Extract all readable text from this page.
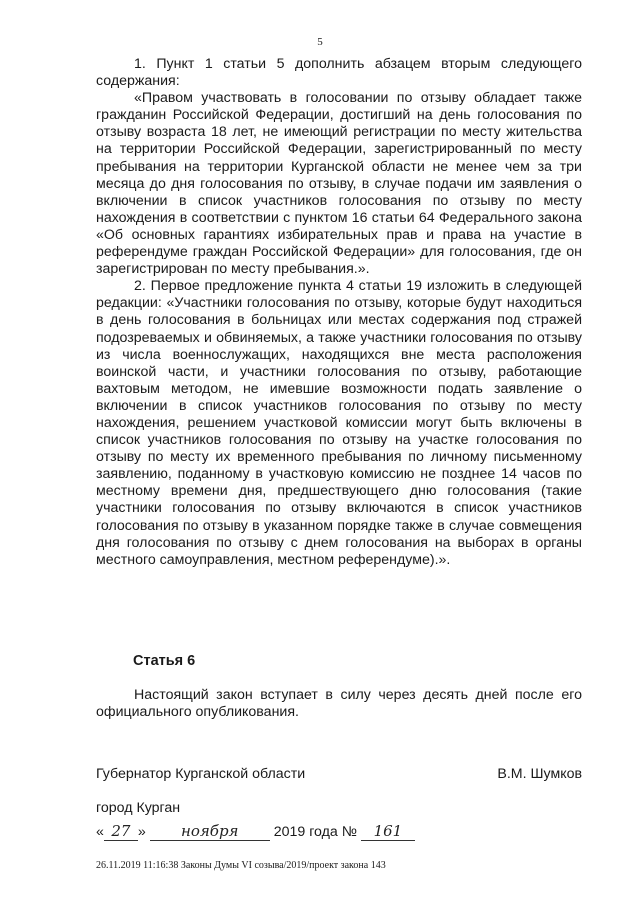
5

1. Пункт 1 статьи 5 дополнить абзацем вторым следующего содержания:

«Правом участвовать в голосовании по отзыву обладает также гражданин Российской Федерации, достигший на день голосования по отзыву возраста 18 лет, не имеющий регистрации по месту жительства на территории Российской Федерации, зарегистрированный по месту пребывания на территории Курганской области не менее чем за три месяца до дня голосования по отзыву, в случае подачи им заявления о включении в список участников голосования по отзыву по месту нахождения в соответствии с пунктом 16 статьи 64 Федерального закона «Об основных гарантиях избирательных прав и права на участие в референдуме граждан Российской Федерации» для голосования, где он зарегистрирован по месту пребывания.».

2. Первое предложение пункта 4 статьи 19 изложить в следующей редакции: «Участники голосования по отзыву, которые будут находиться в день голосования в больницах или местах содержания под стражей подозреваемых и обвиняемых, а также участники голосования по отзыву из числа военнослужащих, находящихся вне места расположения воинской части, и участники голосования по отзыву, работающие вахтовым методом, не имевшие возможности подать заявление о включении в список участников голосования по отзыву по месту нахождения, решением участковой комиссии могут быть включены в список участников голосования по отзыву на участке голосования по отзыву по месту их временного пребывания по личному письменному заявлению, поданному в участковую комиссию не позднее 14 часов по местному времени дня, предшествующего дню голосования (такие участники голосования по отзыву включаются в список участников голосования по отзыву в указанном порядке также в случае совмещения дня голосования по отзыву с днем голосования на выборах в органы местного самоуправления, местном референдуме).».

Статья 6
Настоящий закон вступает в силу через десять дней после его официального опубликования.
Губернатор Курганской области	В.М. Шумков
город Курган
« 27 » ноября 2019 года № 161
26.11.2019 11:16:38 Законы Думы VI созыва/2019/проект закона 143
